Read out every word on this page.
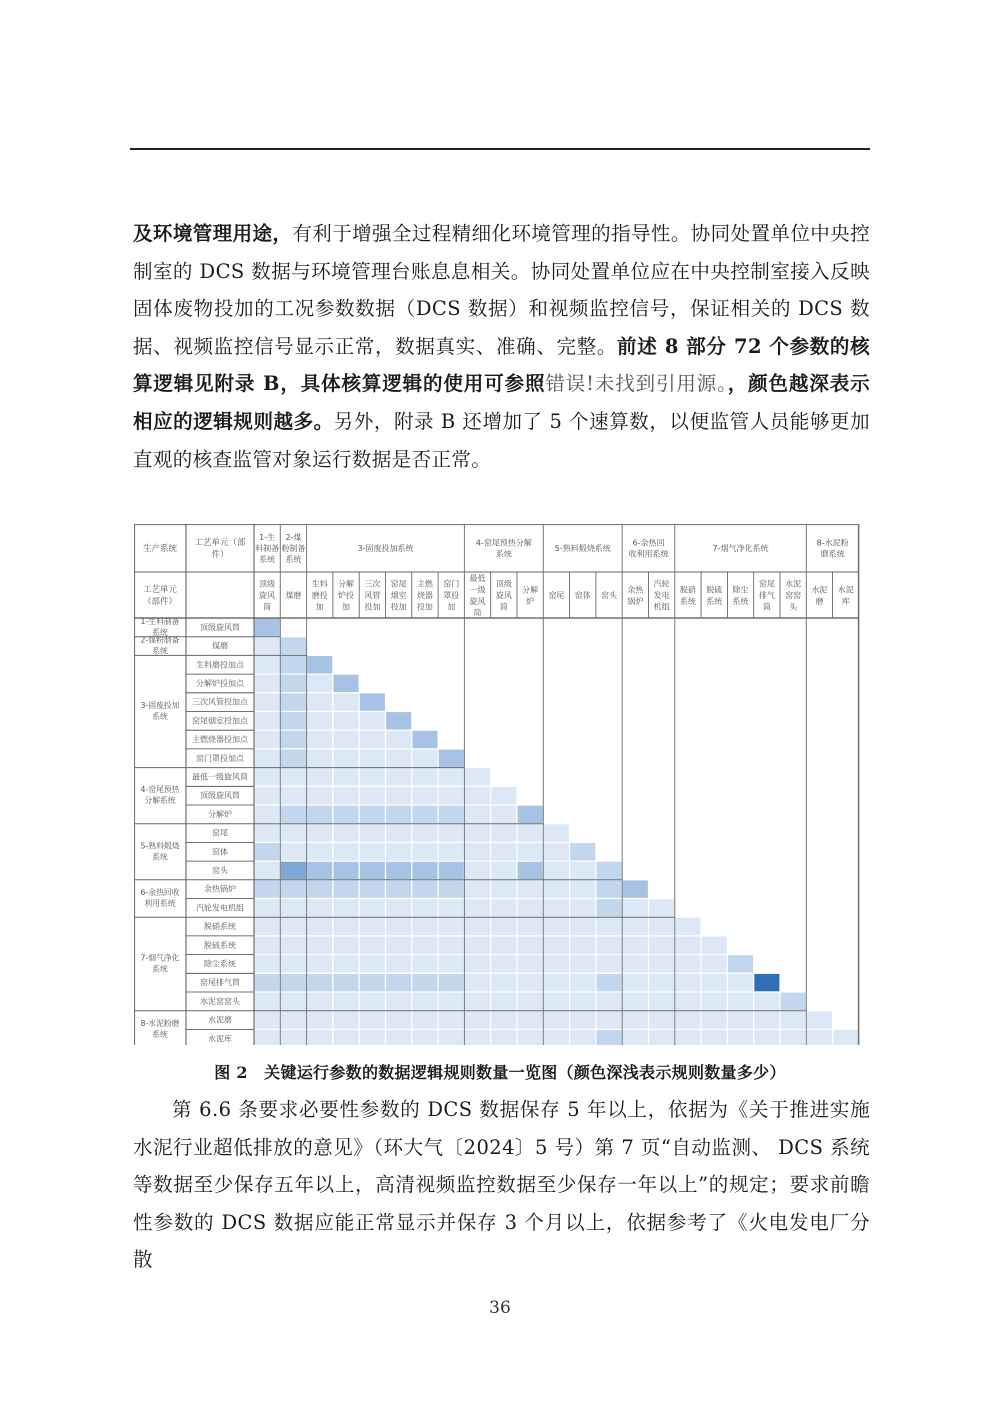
及环境管理用途，有利于增强全过程精细化环境管理的指导性。协同处置单位中央控制室的 DCS 数据与环境管理台账息息相关。协同处置单位应在中央控制室接入反映固体废物投加的工况参数数据（DCS 数据）和视频监控信号，保证相关的 DCS 数据、视频监控信号显示正常，数据真实、准确、完整。前述 8 部分 72 个参数的核算逻辑见附录 B，具体核算逻辑的使用可参照错误!未找到引用源。，颜色越深表示相应的逻辑规则越多。另外，附录 B 还增加了 5 个速算数，以便监管人员能够更加直观的核查监管对象运行数据是否正常。
生产系统
工艺单元（部件）
工艺单元（部件）
1-生料制备系统
顶级旋风筒
2-煤粉制备系统
煤磨
3-固废投加系统
生料磨投加
分解炉投加
三次风管投加
窑尾烟室投加
主燃烧器投加
窑门罩投加
4-窑尾预热分解系统
最低一级旋风筒
顶级旋风筒
分解炉
5-熟料煅烧系统
窑尾 窑体 窑头
6-余热回收利用系统
余热锅炉
汽轮发电机组
7-烟气净化系统
脱硝系统
脱硫系统
除尘系统
窑尾排气筒
水泥窑窑头
8-水泥粉磨系统
水泥磨
水泥库
1-生料制备系统
顶级旋风筒
2-煤粉制备系统
煤磨
3-固废投加系统
生料磨投加点
分解炉投加点
三次风管投加点
窑尾烟室投加点
主燃烧器投加点
窑门罩投加点
4-窑尾预热分解系统
最低一级旋风筒
顶级旋风筒
分解炉
5-熟料煅烧系统
窑尾
窑体
窑头
6-余热回收利用系统
余热锅炉
汽轮发电机组
7-烟气净化系统
脱硝系统
脱硫系统
除尘系统
窑尾排气筒
水泥窑窑头
8-水泥粉磨系统
水泥磨
水泥库
图 2　关键运行参数的数据逻辑规则数量一览图（颜色深浅表示规则数量多少）
第 6.6 条要求必要性参数的 DCS 数据保存 5 年以上，依据为《关于推进实施水泥行业超低排放的意见》（环大气〔2024〕5 号）第 7 页“自动监测、 DCS 系统等数据至少保存五年以上，高清视频监控数据至少保存一年以上”的规定；要求前瞻性参数的 DCS 数据应能正常显示并保存 3 个月以上，依据参考了《火电发电厂分散
36
